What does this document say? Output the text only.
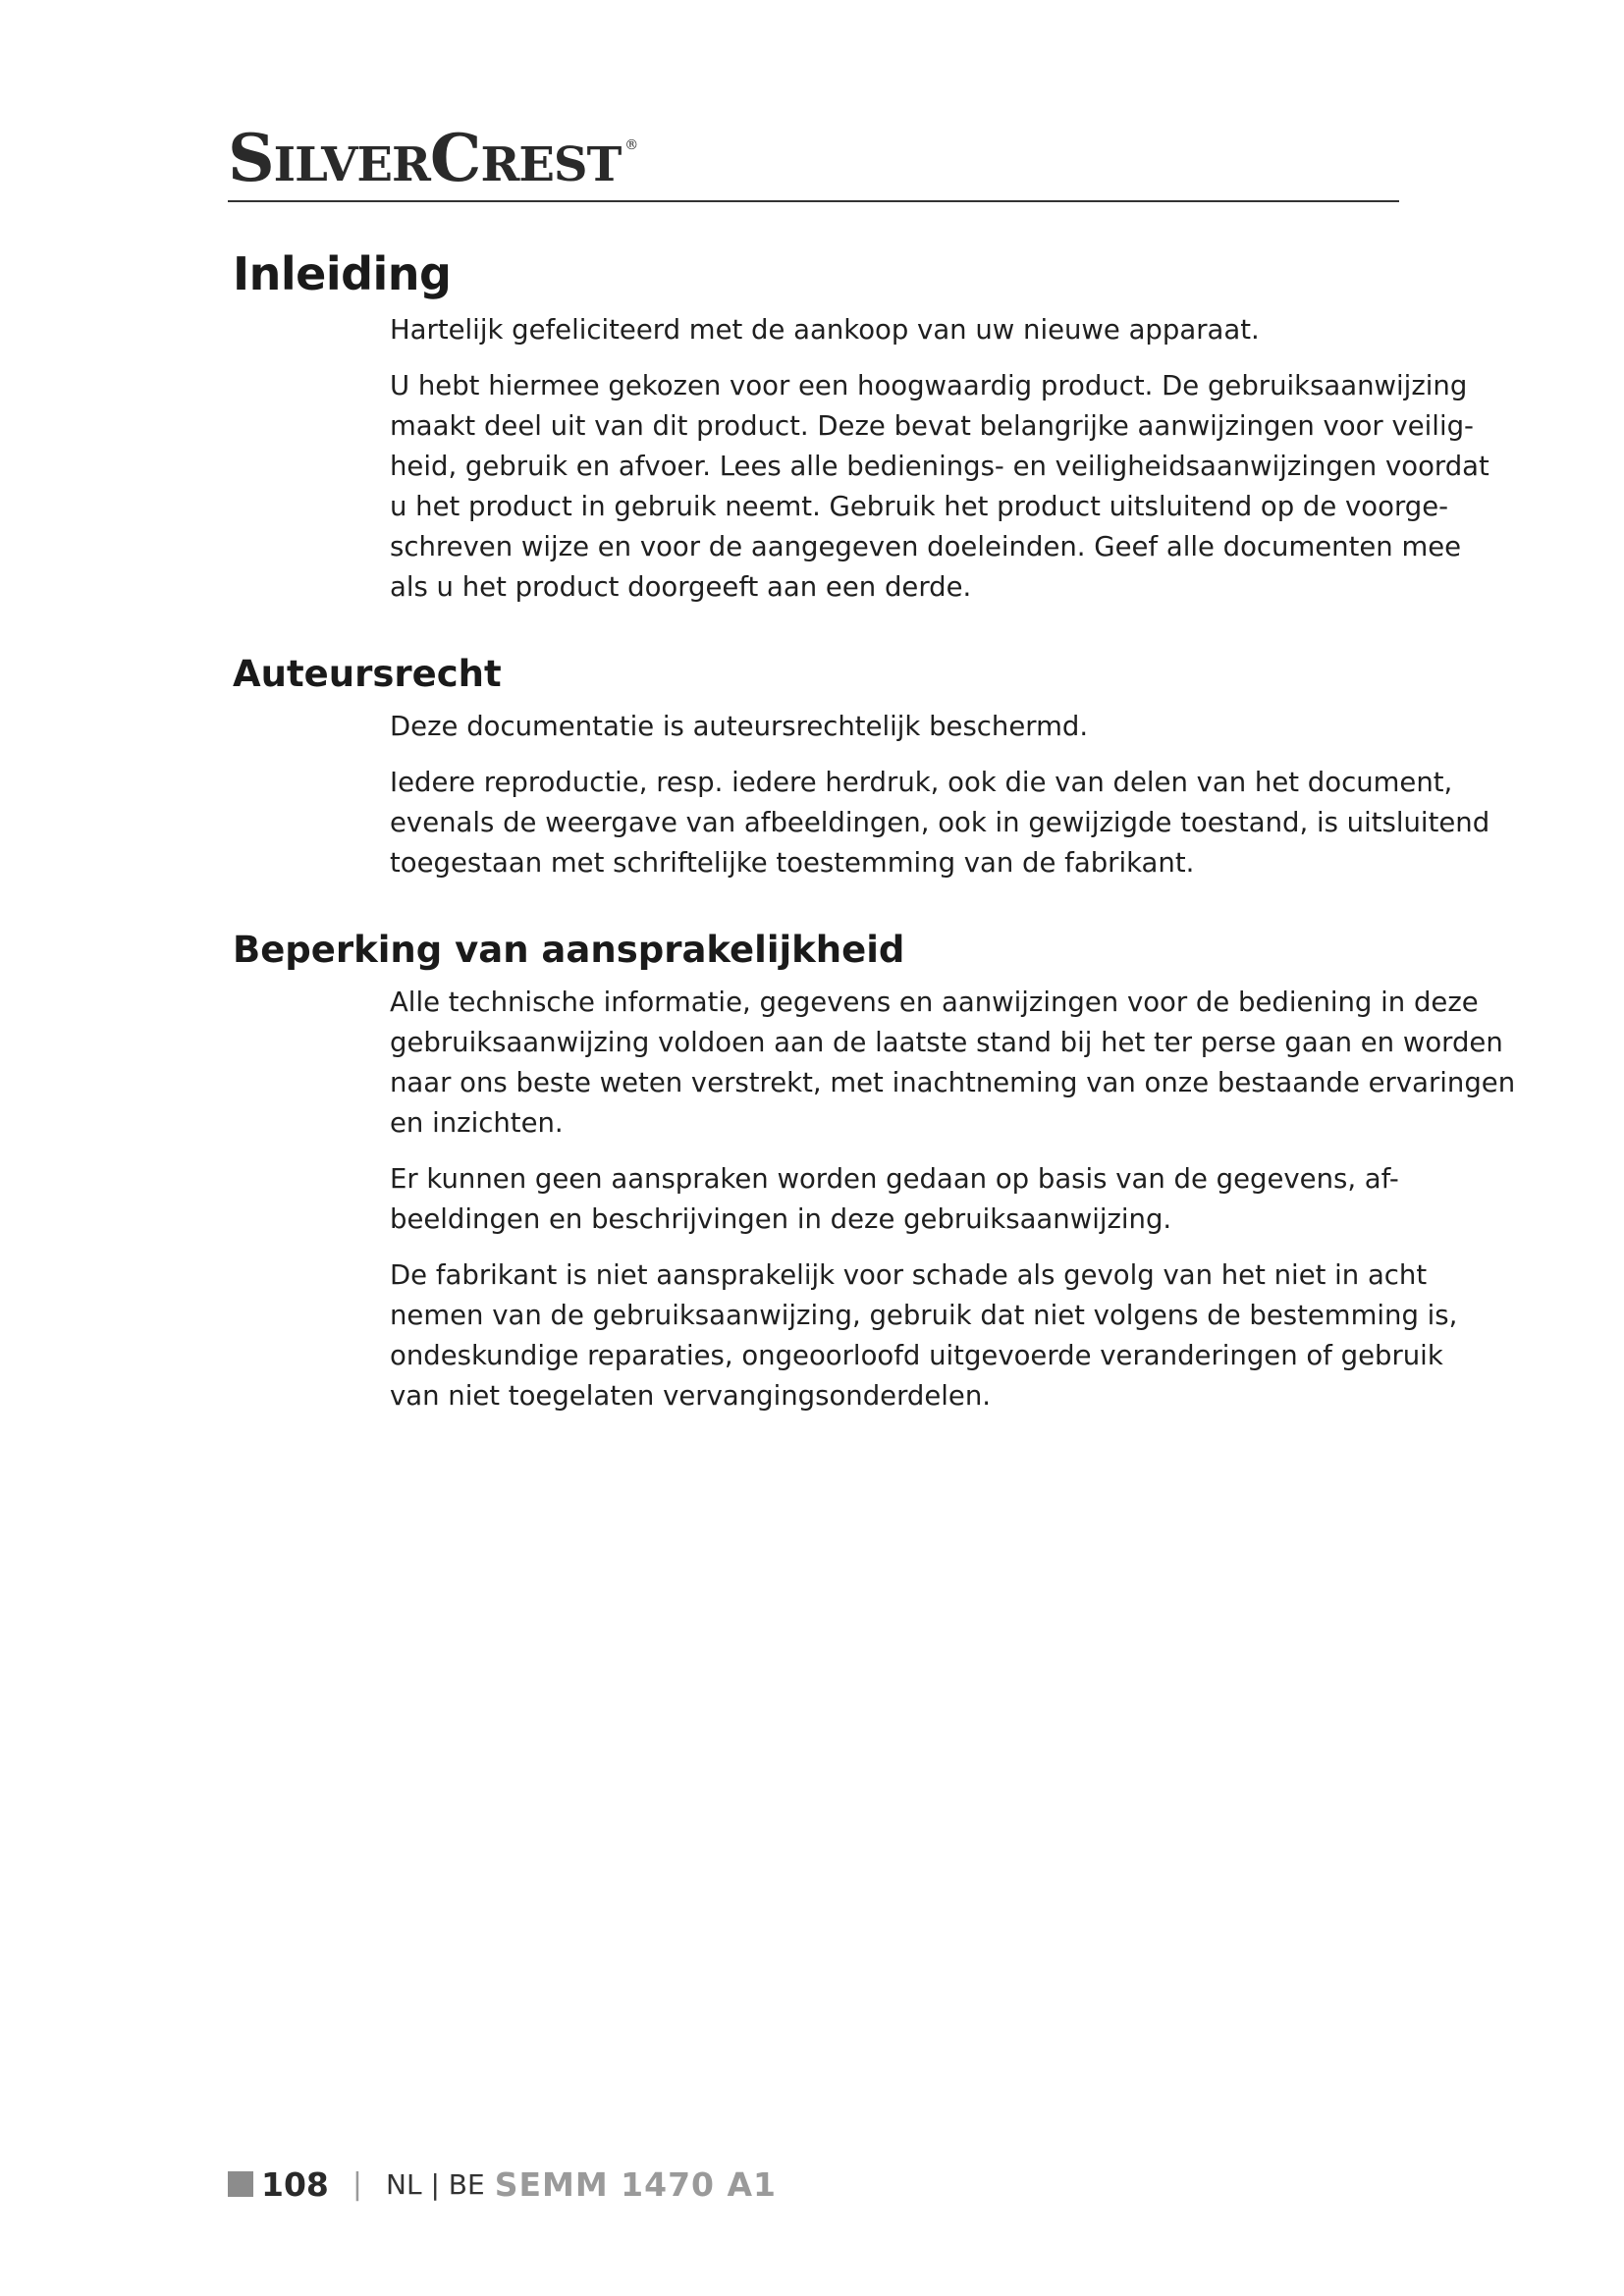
SILVERCREST ®
Inleiding
Hartelijk gefeliciteerd met de aankoop van uw nieuwe apparaat.
U hebt hiermee gekozen voor een hoogwaardig product. De gebruiksaanwijzing
maakt deel uit van dit product. Deze bevat belangrijke aanwijzingen voor veilig-
heid, gebruik en afvoer. Lees alle bedienings- en veiligheidsaanwijzingen voordat
u het product in gebruik neemt. Gebruik het product uitsluitend op de voorge-
schreven wijze en voor de aangegeven doeleinden. Geef alle documenten mee
als u het product doorgeeft aan een derde.
Auteursrecht
Deze documentatie is auteursrechtelijk beschermd.
Iedere reproductie, resp. iedere herdruk, ook die van delen van het document,
evenals de weergave van afbeeldingen, ook in gewijzigde toestand, is uitsluitend
toegestaan met schriftelijke toestemming van de fabrikant.
Beperking van aansprakelijkheid
Alle technische informatie, gegevens en aanwijzingen voor de bediening in deze
gebruiksaanwijzing voldoen aan de laatste stand bij het ter perse gaan en worden
naar ons beste weten verstrekt, met inachtneming van onze bestaande ervaringen
en inzichten.
Er kunnen geen aanspraken worden gedaan op basis van de gegevens, af-
beeldingen en beschrijvingen in deze gebruiksaanwijzing.
De fabrikant is niet aansprakelijk voor schade als gevolg van het niet in acht
nemen van de gebruiksaanwijzing, gebruik dat niet volgens de bestemming is,
ondeskundige reparaties, ongeoorloofd uitgevoerde veranderingen of gebruik
van niet toegelaten vervangingsonderdelen.
108 | NL | BE SEMM 1470 A1
